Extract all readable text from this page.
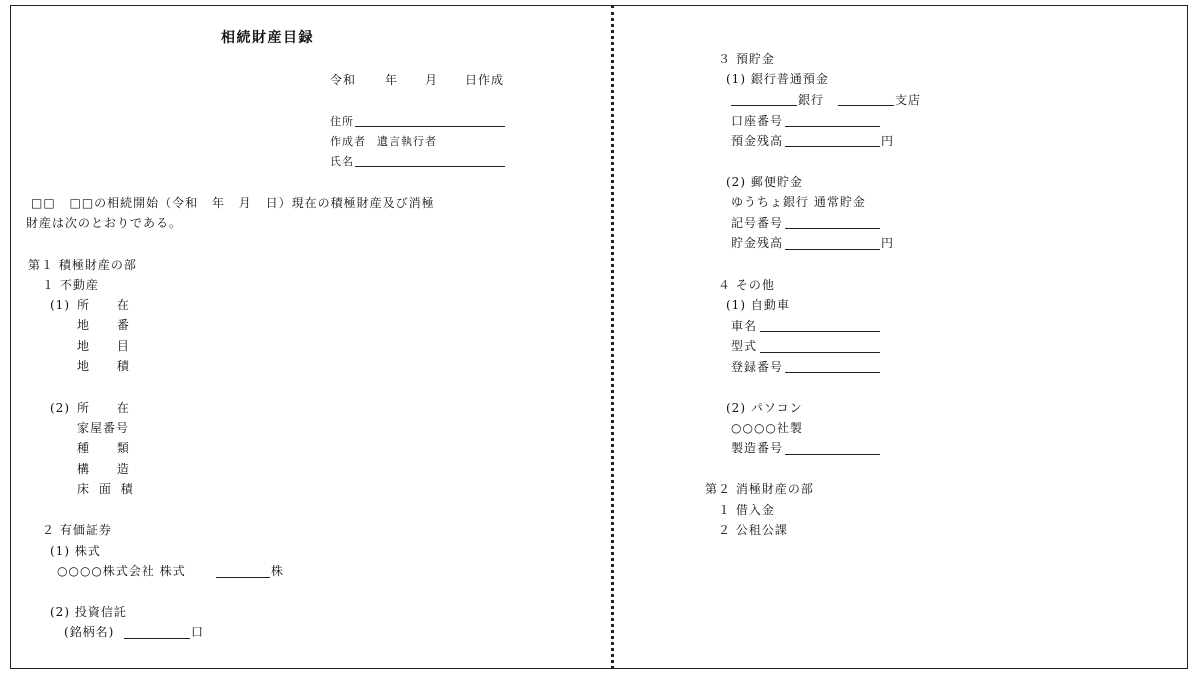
相続財産目録
令和 年 月 日作成
住所
作成者 遺言執行者
氏名
□□ □□の相続開始（令和 年 月 日）現在の積極財産及び消極
財産は次のとおりである。
第１ 積極財産の部
１ 不動産
(1) 所 在
地 番
地 目
地 積
(2) 所 在
家屋番号
種 類
構 造
床 面 積
２ 有価証券
(1) 株式
○○○○株式会社 株式	株
(2) 投資信託
(銘柄名)	口
３ 預貯金
(1) 銀行普通預金
銀行	支店
口座番号
預金残高	円
(2) 郵便貯金
ゆうちょ銀行 通常貯金
記号番号
貯金残高	円
４ その他
(1) 自動車
車名
型式
登録番号
(2) パソコン
○○○○社製
製造番号
第２ 消極財産の部
１ 借入金
２ 公租公課
